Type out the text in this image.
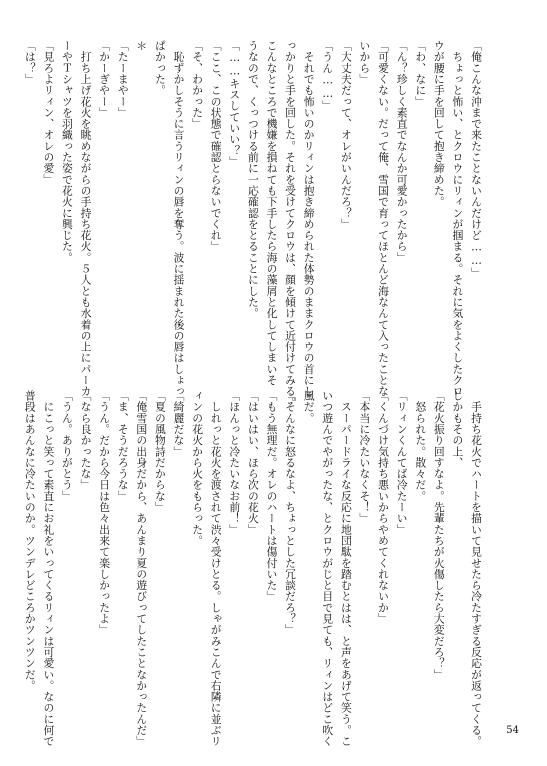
「俺こんな沖まで来たことないんだけど……」
　ちょっと怖い、とクロウにリィンが掴まる。それに気をよくしたクロ
ウが腰に手を回して抱き締めた。
「わ、なに」
「ん？珍しく素直でなんか可愛かったから」
「可愛くない。だって俺、雪国で育ってほとんど海なんて入ったことな
いから」
「大丈夫だって、オレがいんだろ？」
「うん……」
　それでも怖いのかリィンは抱き締められた体勢のままクロウの首にし
っかりと手を回した。それを受けてクロウは、顔を傾けて近付けてみる。
こんなところで機嫌を損ねても下手したら海の藻屑と化してしまいそ
うなので、くっつける前に一応確認をとることにした。
「……キスしていい？」
「ここ、この状態で確認とらないでくれ」
「そ、わかった」
　恥ずかしそうに言うリィンの唇を奪う。波に揺まれた後の唇はしょっ
ぱかった。
＊
「たーまやー」
「かーぎやー」
　打ち上げ花火を眺めながらの手持ち花火。５人とも水着の上にパーカ
ーやＴシャツを羽織った姿で花火に興じた。
「見ろよリィン、オレの愛」
「は？」
　手持ち花火でハートを描いて見せたら冷たすぎる反応が返ってくる。
しかもその上、
「花火振り回すなよ。先輩たちが火傷したら大変だろ？」
　怒られた。散々だ。
「リィンくんてば冷たーい」
「くんづけ気持ち悪いからやめてくれないか」
「本当に冷たいなくそ！」
　スーパードライな反応に地団駄を踏むとはは、と声をあげて笑う。こ
いつ遊んでやがったな、とクロウがじと目で見ても、リィンはどこ吹く
風だ。
「そんなに怒るなよ、ちょっとした冗談だろ？」
「もう無理だ。オレのハートは傷付いた」
「はいはい、ほら次の花火」
「ほんっと冷たいなお前！」
　しれっと花火を渡されて渋々受けとる。しゃがみこんで右隣に並ぶリ
ィンの花火から火をもらった。
「綺麗だな」
「夏の風物詩だからな」
「俺雪国の出身だから、あんまり夏の遊びってしたことなかったんだ」
「ま、そうだろうな」
「うん。だから今日は色々出来て楽しかったよ」
「なら良かったな」
「うん。ありがとう」
　にこっと笑って素直にお礼をいってくるリィンは可愛い。なのに何で
普段はあんなに冷たいのか。ツンデレどころかツンツンだ。
54
